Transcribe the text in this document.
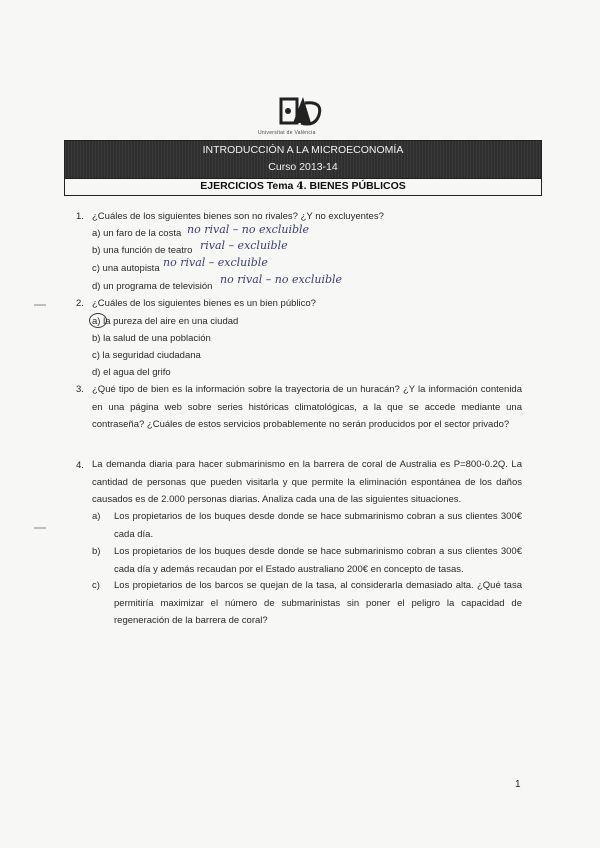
Universitat de València
INTRODUCCIÓN A LA MICROECONOMÍA
Curso 2013-14
EJERCICIOS Tema 4. BIENES PÚBLICOS
1. ¿Cuáles de los siguientes bienes son no rivales? ¿Y no excluyentes?
a) un faro de la costa no rival – no excluible
b) una función de teatro rival – excluible
c) una autopista no rival – excluible
d) un programa de televisión
no rival – no excluible
2. ¿Cuáles de los siguientes bienes es un bien público?
a) la pureza del aire en una ciudad
b) la salud de una población
c) la seguridad ciudadana
d) el agua del grifo
3. ¿Qué tipo de bien es la información sobre la trayectoria de un huracán? ¿Y la información contenida en una página web sobre series históricas climatológicas, a la que se accede mediante una contraseña? ¿Cuáles de estos servicios probablemente no serán producidos por el sector privado?
4. La demanda diaria para hacer submarinismo en la barrera de coral de Australia es P=800-0.2Q. La cantidad de personas que pueden visitarla y que permite la eliminación espontánea de los daños causados es de 2.000 personas diarias. Analiza cada una de las siguientes situaciones.
a) Los propietarios de los buques desde donde se hace submarinismo cobran a sus clientes 300€ cada día.
b) Los propietarios de los buques desde donde se hace submarinismo cobran a sus clientes 300€ cada día y además recaudan por el Estado australiano 200€ en concepto de tasas.
c) Los propietarios de los barcos se quejan de la tasa, al considerarla demasiado alta. ¿Qué tasa permitiría maximizar el número de submarinistas sin poner el peligro la capacidad de regeneración de la barrera de coral?
1
